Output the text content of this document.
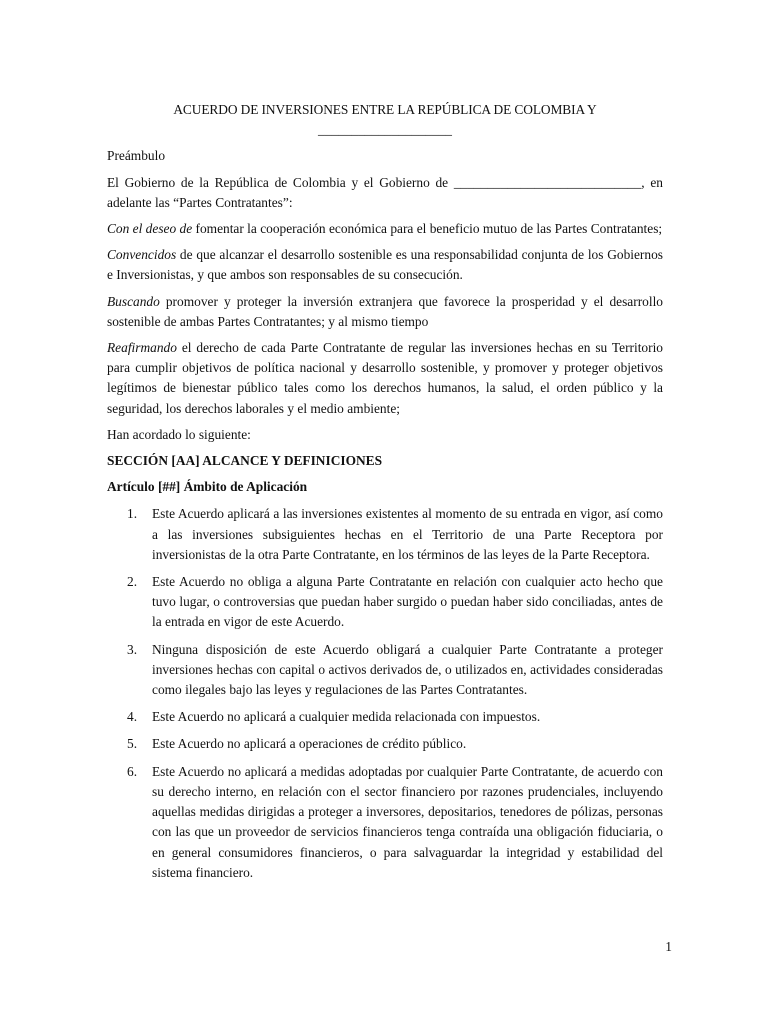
ACUERDO DE INVERSIONES ENTRE LA REPÚBLICA DE COLOMBIA Y

____________________

Preámbulo

El Gobierno de la República de Colombia y el Gobierno de ____________________________, en adelante las “Partes Contratantes”:

Con el deseo de fomentar la cooperación económica para el beneficio mutuo de las Partes Contratantes;

Convencidos de que alcanzar el desarrollo sostenible es una responsabilidad conjunta de los Gobiernos e Inversionistas, y que ambos son responsables de su consecución.

Buscando promover y proteger la inversión extranjera que favorece la prosperidad y el desarrollo sostenible de ambas Partes Contratantes; y al mismo tiempo

Reafirmando el derecho de cada Parte Contratante de regular las inversiones hechas en su Territorio para cumplir objetivos de política nacional y desarrollo sostenible, y promover y proteger objetivos legítimos de bienestar público tales como los derechos humanos, la salud, el orden público y la seguridad, los derechos laborales y el medio ambiente;

Han acordado lo siguiente:

SECCIÓN [AA] ALCANCE Y DEFINICIONES

Artículo [##] Ámbito de Aplicación

1. Este Acuerdo aplicará a las inversiones existentes al momento de su entrada en vigor, así como a las inversiones subsiguientes hechas en el Territorio de una Parte Receptora por inversionistas de la otra Parte Contratante, en los términos de las leyes de la Parte Receptora.
2. Este Acuerdo no obliga a alguna Parte Contratante en relación con cualquier acto hecho que tuvo lugar, o controversias que puedan haber surgido o puedan haber sido conciliadas, antes de la entrada en vigor de este Acuerdo.
3. Ninguna disposición de este Acuerdo obligará a cualquier Parte Contratante a proteger inversiones hechas con capital o activos derivados de, o utilizados en, actividades consideradas como ilegales bajo las leyes y regulaciones de las Partes Contratantes.
4. Este Acuerdo no aplicará a cualquier medida relacionada con impuestos.
5. Este Acuerdo no aplicará a operaciones de crédito público.
6. Este Acuerdo no aplicará a medidas adoptadas por cualquier Parte Contratante, de acuerdo con su derecho interno, en relación con el sector financiero por razones prudenciales, incluyendo aquellas medidas dirigidas a proteger a inversores, depositarios, tenedores de pólizas, personas con las que un proveedor de servicios financieros tenga contraída una obligación fiduciaria, o en general consumidores financieros, o para salvaguardar la integridad y estabilidad del sistema financiero.
1
